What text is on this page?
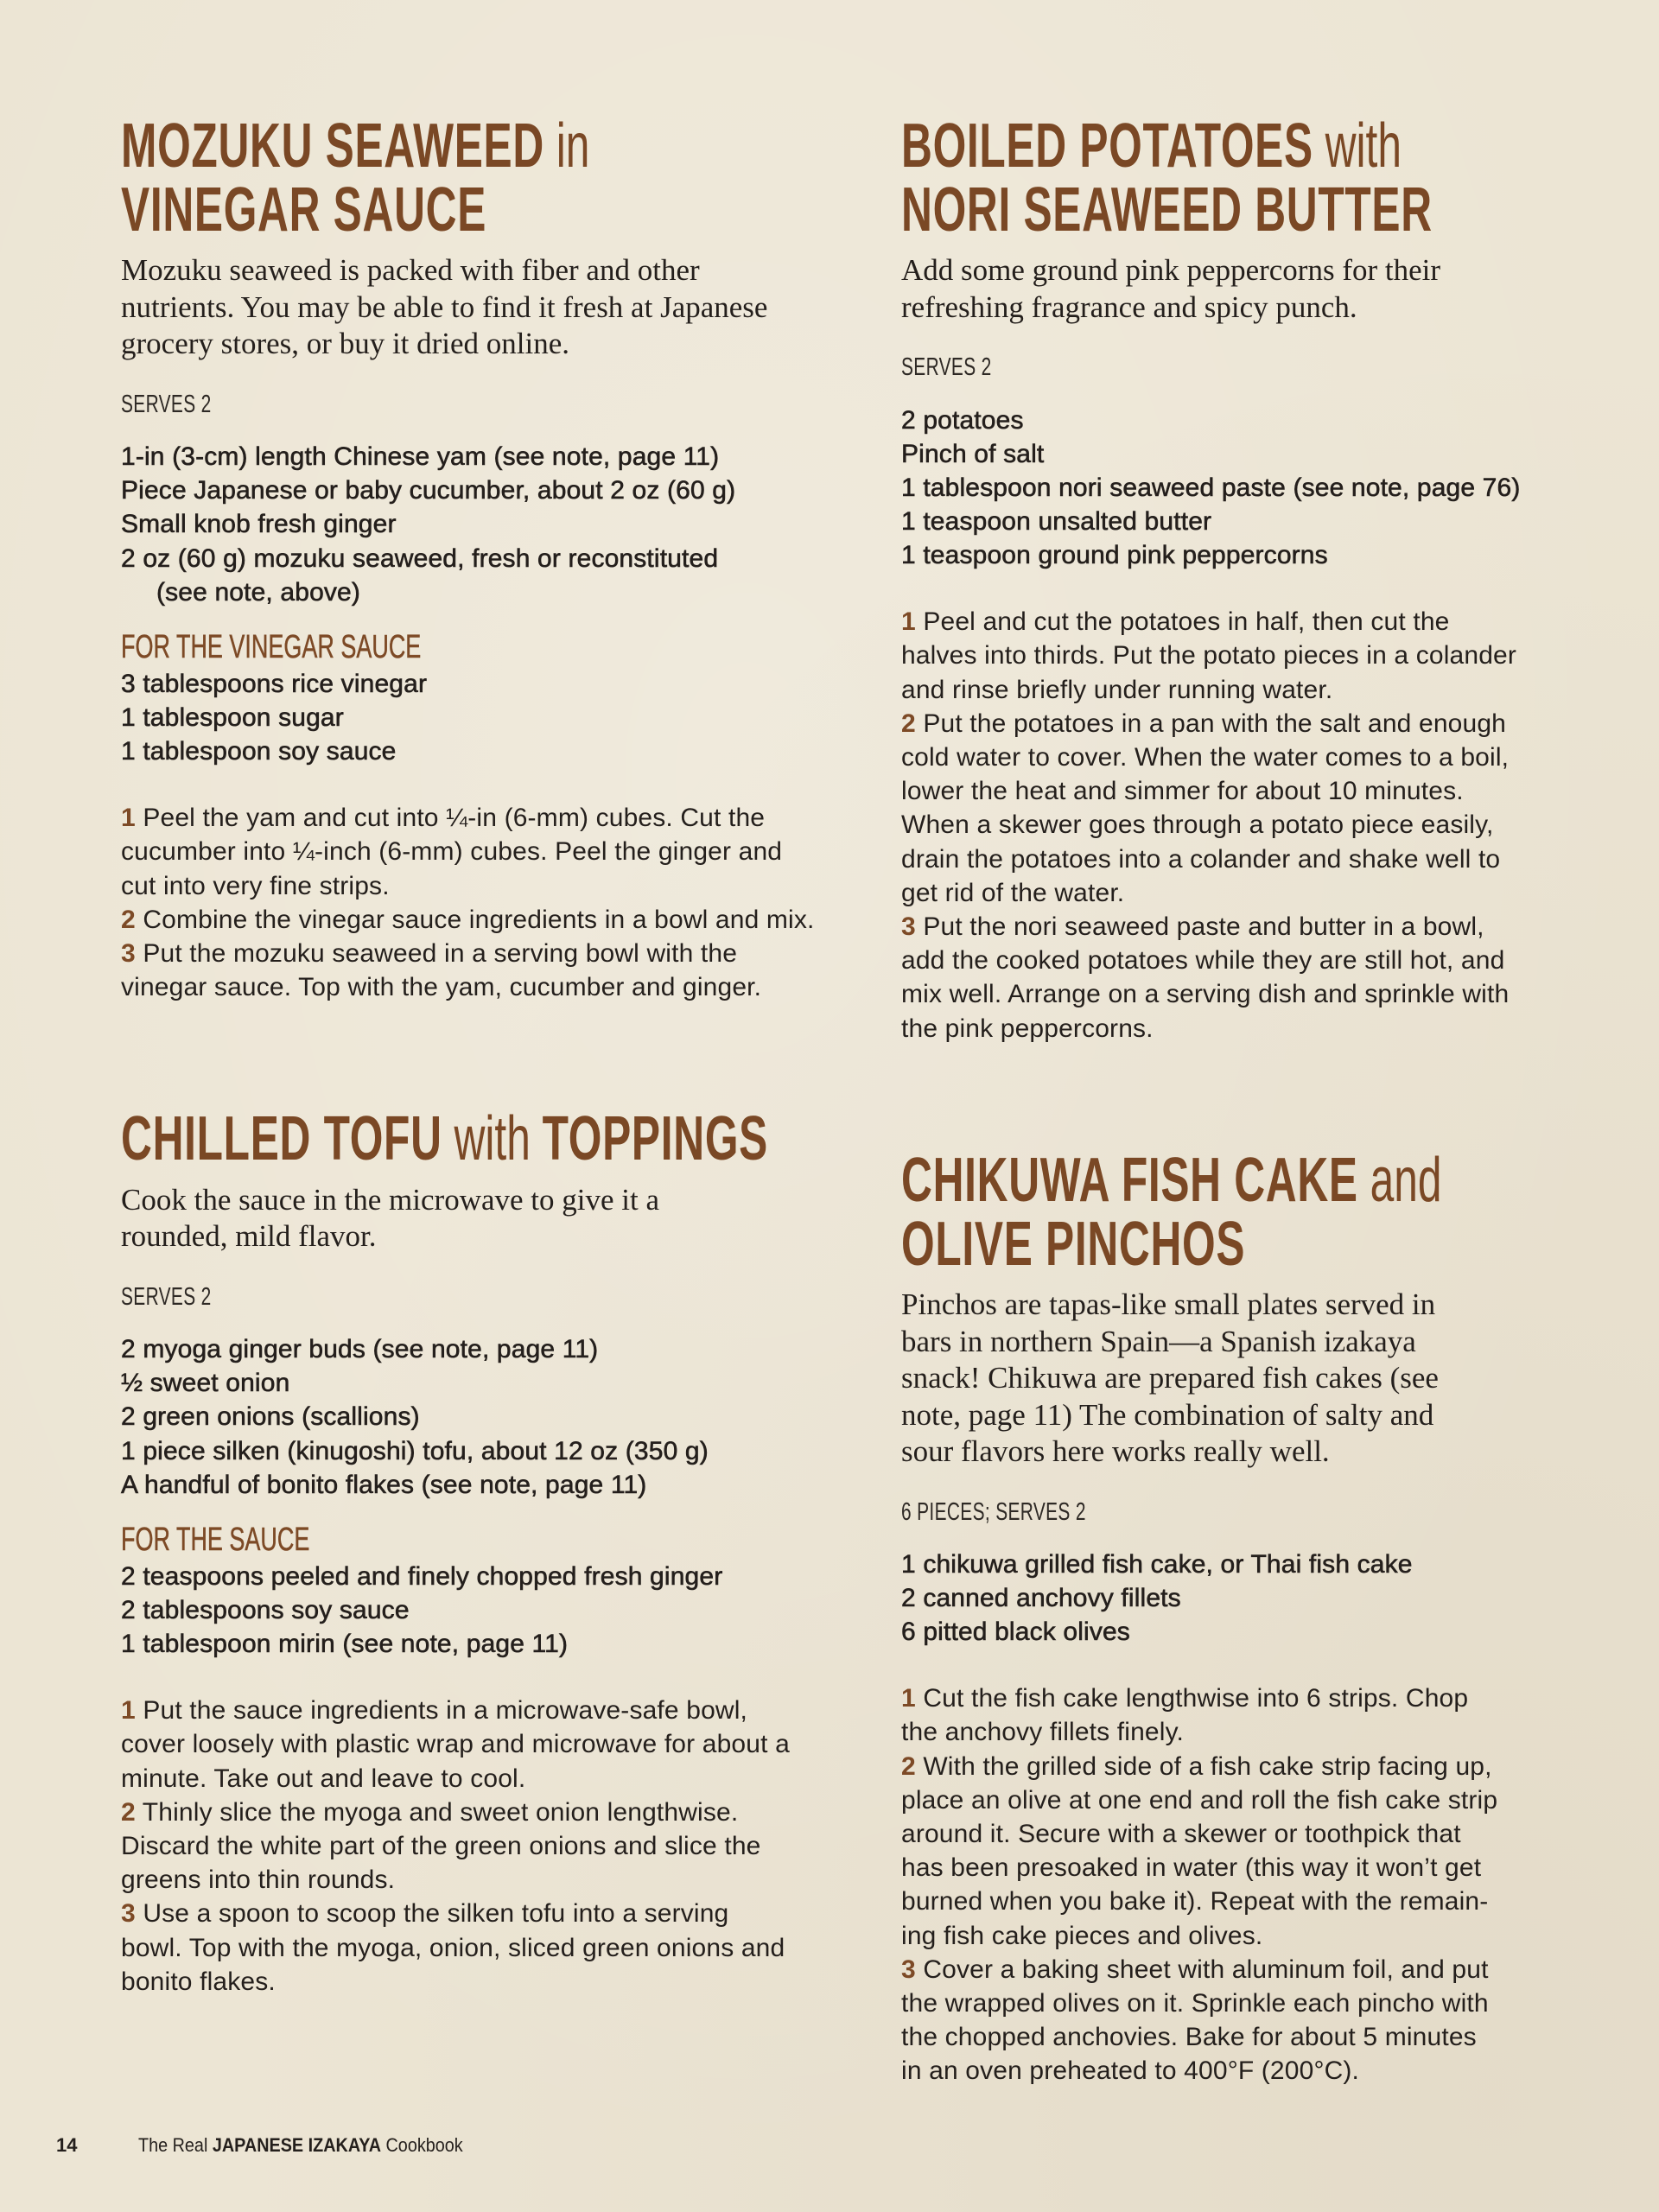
MOZUKU SEAWEED in
VINEGAR SAUCE
Mozuku seaweed is packed with fiber and other
nutrients. You may be able to find it fresh at Japanese
grocery stores, or buy it dried online.
SERVES 2
1-in (3-cm) length Chinese yam (see note, page 11)
Piece Japanese or baby cucumber, about 2 oz (60 g)
Small knob fresh ginger
2 oz (60 g) mozuku seaweed, fresh or reconstituted
(see note, above)
FOR THE VINEGAR SAUCE
3 tablespoons rice vinegar
1 tablespoon sugar
1 tablespoon soy sauce
1 Peel the yam and cut into ¼-in (6-mm) cubes. Cut the
cucumber into ¼-inch (6-mm) cubes. Peel the ginger and
cut into very fine strips.
2 Combine the vinegar sauce ingredients in a bowl and mix.
3 Put the mozuku seaweed in a serving bowl with the
vinegar sauce. Top with the yam, cucumber and ginger.
BOILED POTATOES with
NORI SEAWEED BUTTER
Add some ground pink peppercorns for their
refreshing fragrance and spicy punch.
SERVES 2
2 potatoes
Pinch of salt
1 tablespoon nori seaweed paste (see note, page 76)
1 teaspoon unsalted butter
1 teaspoon ground pink peppercorns
1 Peel and cut the potatoes in half, then cut the
halves into thirds. Put the potato pieces in a colander
and rinse briefly under running water.
2 Put the potatoes in a pan with the salt and enough
cold water to cover. When the water comes to a boil,
lower the heat and simmer for about 10 minutes.
When a skewer goes through a potato piece easily,
drain the potatoes into a colander and shake well to
get rid of the water.
3 Put the nori seaweed paste and butter in a bowl,
add the cooked potatoes while they are still hot, and
mix well. Arrange on a serving dish and sprinkle with
the pink peppercorns.
CHILLED TOFU with TOPPINGS
Cook the sauce in the microwave to give it a
rounded, mild flavor.
SERVES 2
2 myoga ginger buds (see note, page 11)
½ sweet onion
2 green onions (scallions)
1 piece silken (kinugoshi) tofu, about 12 oz (350 g)
A handful of bonito flakes (see note, page 11)
FOR THE SAUCE
2 teaspoons peeled and finely chopped fresh ginger
2 tablespoons soy sauce
1 tablespoon mirin (see note, page 11)
1 Put the sauce ingredients in a microwave-safe bowl,
cover loosely with plastic wrap and microwave for about a
minute. Take out and leave to cool.
2 Thinly slice the myoga and sweet onion lengthwise.
Discard the white part of the green onions and slice the
greens into thin rounds.
3 Use a spoon to scoop the silken tofu into a serving
bowl. Top with the myoga, onion, sliced green onions and
bonito flakes.
CHIKUWA FISH CAKE and
OLIVE PINCHOS
Pinchos are tapas-like small plates served in
bars in northern Spain—a Spanish izakaya
snack! Chikuwa are prepared fish cakes (see
note, page 11) The combination of salty and
sour flavors here works really well.
6 PIECES; SERVES 2
1 chikuwa grilled fish cake, or Thai fish cake
2 canned anchovy fillets
6 pitted black olives
1 Cut the fish cake lengthwise into 6 strips. Chop
the anchovy fillets finely.
2 With the grilled side of a fish cake strip facing up,
place an olive at one end and roll the fish cake strip
around it. Secure with a skewer or toothpick that
has been presoaked in water (this way it won’t get
burned when you bake it). Repeat with the remain-
ing fish cake pieces and olives.
3 Cover a baking sheet with aluminum foil, and put
the wrapped olives on it. Sprinkle each pincho with
the chopped anchovies. Bake for about 5 minutes
in an oven preheated to 400°F (200°C).
14	The Real JAPANESE IZAKAYA Cookbook
